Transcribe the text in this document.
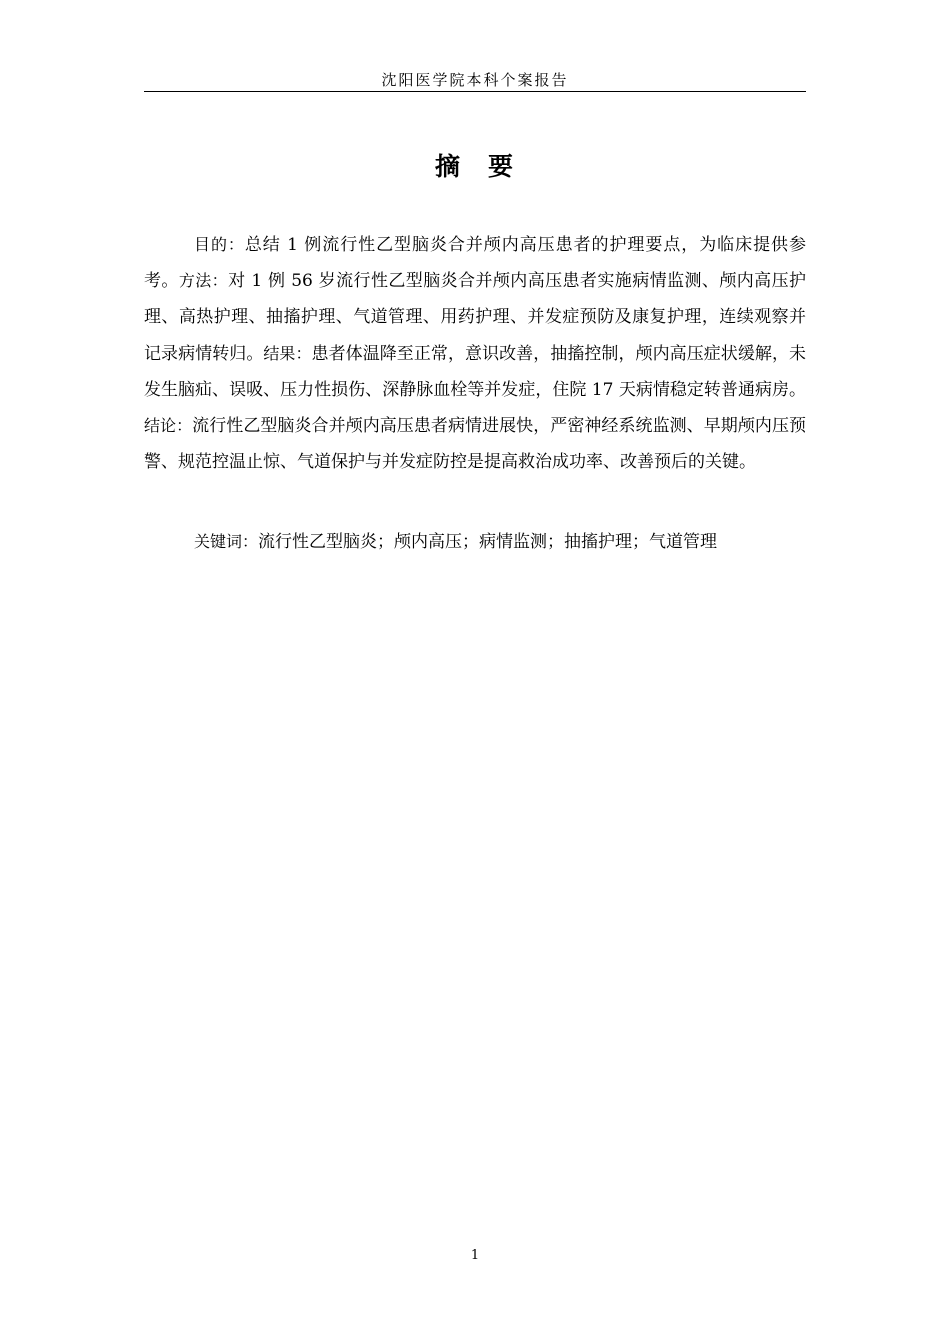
沈阳医学院本科个案报告
摘 要

目的：总结 1 例流行性乙型脑炎合并颅内高压患者的护理要点，为临床提供参考。方法：对 1 例 56 岁流行性乙型脑炎合并颅内高压患者实施病情监测、颅内高压护理、高热护理、抽搐护理、气道管理、用药护理、并发症预防及康复护理，连续观察并记录病情转归。结果：患者体温降至正常，意识改善，抽搐控制，颅内高压症状缓解，未发生脑疝、误吸、压力性损伤、深静脉血栓等并发症，住院 17 天病情稳定转普通病房。结论：流行性乙型脑炎合并颅内高压患者病情进展快，严密神经系统监测、早期颅内压预警、规范控温止惊、气道保护与并发症防控是提高救治成功率、改善预后的关键。

关键词：流行性乙型脑炎；颅内高压；病情监测；抽搐护理；气道管理

1
